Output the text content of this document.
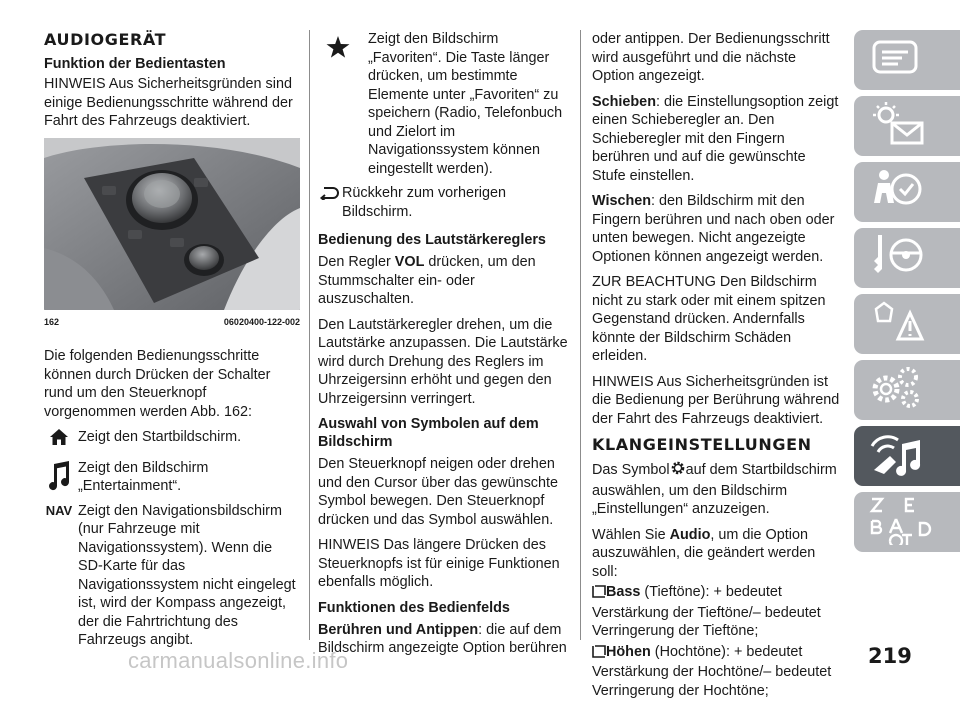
AUDIOGERÄT
Funktion der Bedientasten

HINWEIS Aus Sicherheitsgründen sind einige Bedienungsschritte während der Fahrt des Fahrzeugs deaktiviert.

162	06020400-122-002

Die folgenden Bedienungsschritte können durch Drücken der Schalter rund um den Steuerknopf vorgenommen werden Abb. 162:

Zeigt den Startbildschirm.
Zeigt den Bildschirm „Entertainment“.
NAV Zeigt den Navigationsbildschirm (nur Fahrzeuge mit Navigationssystem). Wenn die SD-Karte für das Navigationssystem nicht eingelegt ist, wird der Kompass angezeigt, der die Fahrtrichtung des Fahrzeugs angibt.
Zeigt den Bildschirm „Favoriten“. Die Taste länger drücken, um bestimmte Elemente unter „Favoriten“ zu speichern (Radio, Telefonbuch und Zielort im Navigationssystem können eingestellt werden).
Rückkehr zum vorherigen Bildschirm.
Bedienung des Lautstärkereglers

Den Regler VOL drücken, um den Stummschalter ein- oder auszuschalten.

Den Lautstärkeregler drehen, um die Lautstärke anzupassen. Die Lautstärke wird durch Drehung des Reglers im Uhrzeigersinn erhöht und gegen den Uhrzeigersinn verringert.

Auswahl von Symbolen auf dem Bildschirm

Den Steuerknopf neigen oder drehen und den Cursor über das gewünschte Symbol bewegen. Den Steuerknopf drücken und das Symbol auswählen.

HINWEIS Das längere Drücken des Steuerknopfs ist für einige Funktionen ebenfalls möglich.

Funktionen des Bedienfelds

Berühren und Antippen: die auf dem Bildschirm angezeigte Option berühren

oder antippen. Der Bedienungsschritt wird ausgeführt und die nächste Option angezeigt.

Schieben: die Einstellungsoption zeigt einen Schieberegler an. Den Schieberegler mit den Fingern berühren und auf die gewünschte Stufe einstellen.

Wischen: den Bildschirm mit den Fingern berühren und nach oben oder unten bewegen. Nicht angezeigte Optionen können angezeigt werden.

ZUR BEACHTUNG Den Bildschirm nicht zu stark oder mit einem spitzen Gegenstand drücken. Andernfalls könnte der Bildschirm Schäden erleiden.

HINWEIS Aus Sicherheitsgründen ist die Bedienung per Berührung während der Fahrt des Fahrzeugs deaktiviert.

KLANGEINSTELLUNGEN

Das Symbol auf dem Startbildschirm auswählen, um den Bildschirm „Einstellungen“ anzuzeigen.

Wählen Sie Audio, um die Option auszuwählen, die geändert werden soll:

Bass (Tieftöne): + bedeutet Verstärkung der Tieftöne/– bedeutet Verringerung der Tieftöne;

Höhen (Hochtöne): + bedeutet Verstärkung der Hochtöne/– bedeutet Verringerung der Hochtöne;

219
carmanualsonline.info
